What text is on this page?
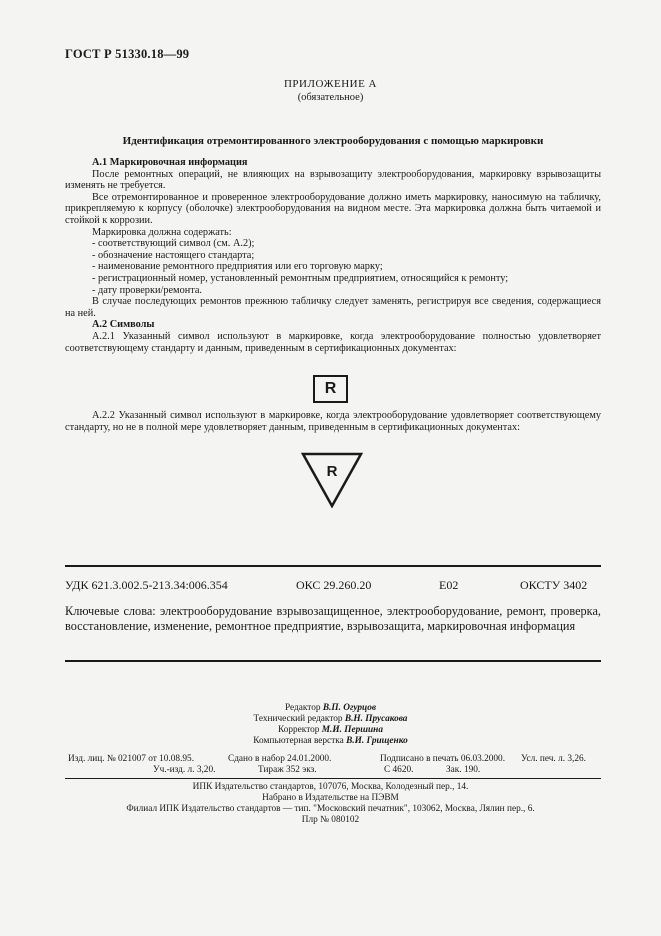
ГОСТ Р 51330.18—99
ПРИЛОЖЕНИЕ А
(обязательное)
Идентификация отремонтированного электрооборудования с помощью маркировки

А.1 Маркировочная информация

После ремонтных операций, не влияющих на взрывозащиту электрооборудования, маркировку взрывозащиты изменять не требуется.

Все отремонтированное и проверенное электрооборудование должно иметь маркировку, наносимую на табличку, прикрепляемую к корпусу (оболочке) электрооборудования на видном месте. Эта маркировка должна быть читаемой и стойкой к коррозии.

Маркировка должна содержать:

- соответствующий символ (см. А.2);

- обозначение настоящего стандарта;

- наименование ремонтного предприятия или его торговую марку;

- регистрационный номер, установленный ремонтным предприятием, относящийся к ремонту;

- дату проверки/ремонта.

В случае последующих ремонтов прежнюю табличку следует заменять, регистрируя все сведения, содержащиеся на ней.

А.2 Символы

А.2.1 Указанный символ используют в маркировке, когда электрооборудование полностью удовлетворяет соответствующему стандарту и данным, приведенным в сертификационных документах:

R

А.2.2 Указанный символ используют в маркировке, когда электрооборудование удовлетворяет соответствующему стандарту, но не в полной мере удовлетворяет данным, приведенным в сертификационных документах:

R
УДК 621.3.002.5-213.34:006.354	ОКС 29.260.20	Е02	ОКСТУ 3402
Ключевые слова: электрооборудование взрывозащищенное, электрооборудование, ремонт, проверка, восстановление, изменение, ремонтное предприятие, взрывозащита, маркировочная информация
Редактор В.П. Огурцов
Технический редактор В.Н. Прусакова
Корректор М.И. Першина
Компьютерная верстка В.И. Грищенко
Изд. лиц. № 021007 от 10.08.95.	Сдано в набор 24.01.2000.	Подписано в печать 06.03.2000. Усл. печ. л. 3,26.
Уч.-изд. л. 3,20.	Тираж 352 экз.	С 4620.	Зак. 190.
ИПК Издательство стандартов, 107076, Москва, Колодезный пер., 14.
Набрано в Издательстве на ПЭВМ
Филиал ИПК Издательство стандартов — тип. "Московский печатник", 103062, Москва, Лялин пер., 6.
Плр № 080102
